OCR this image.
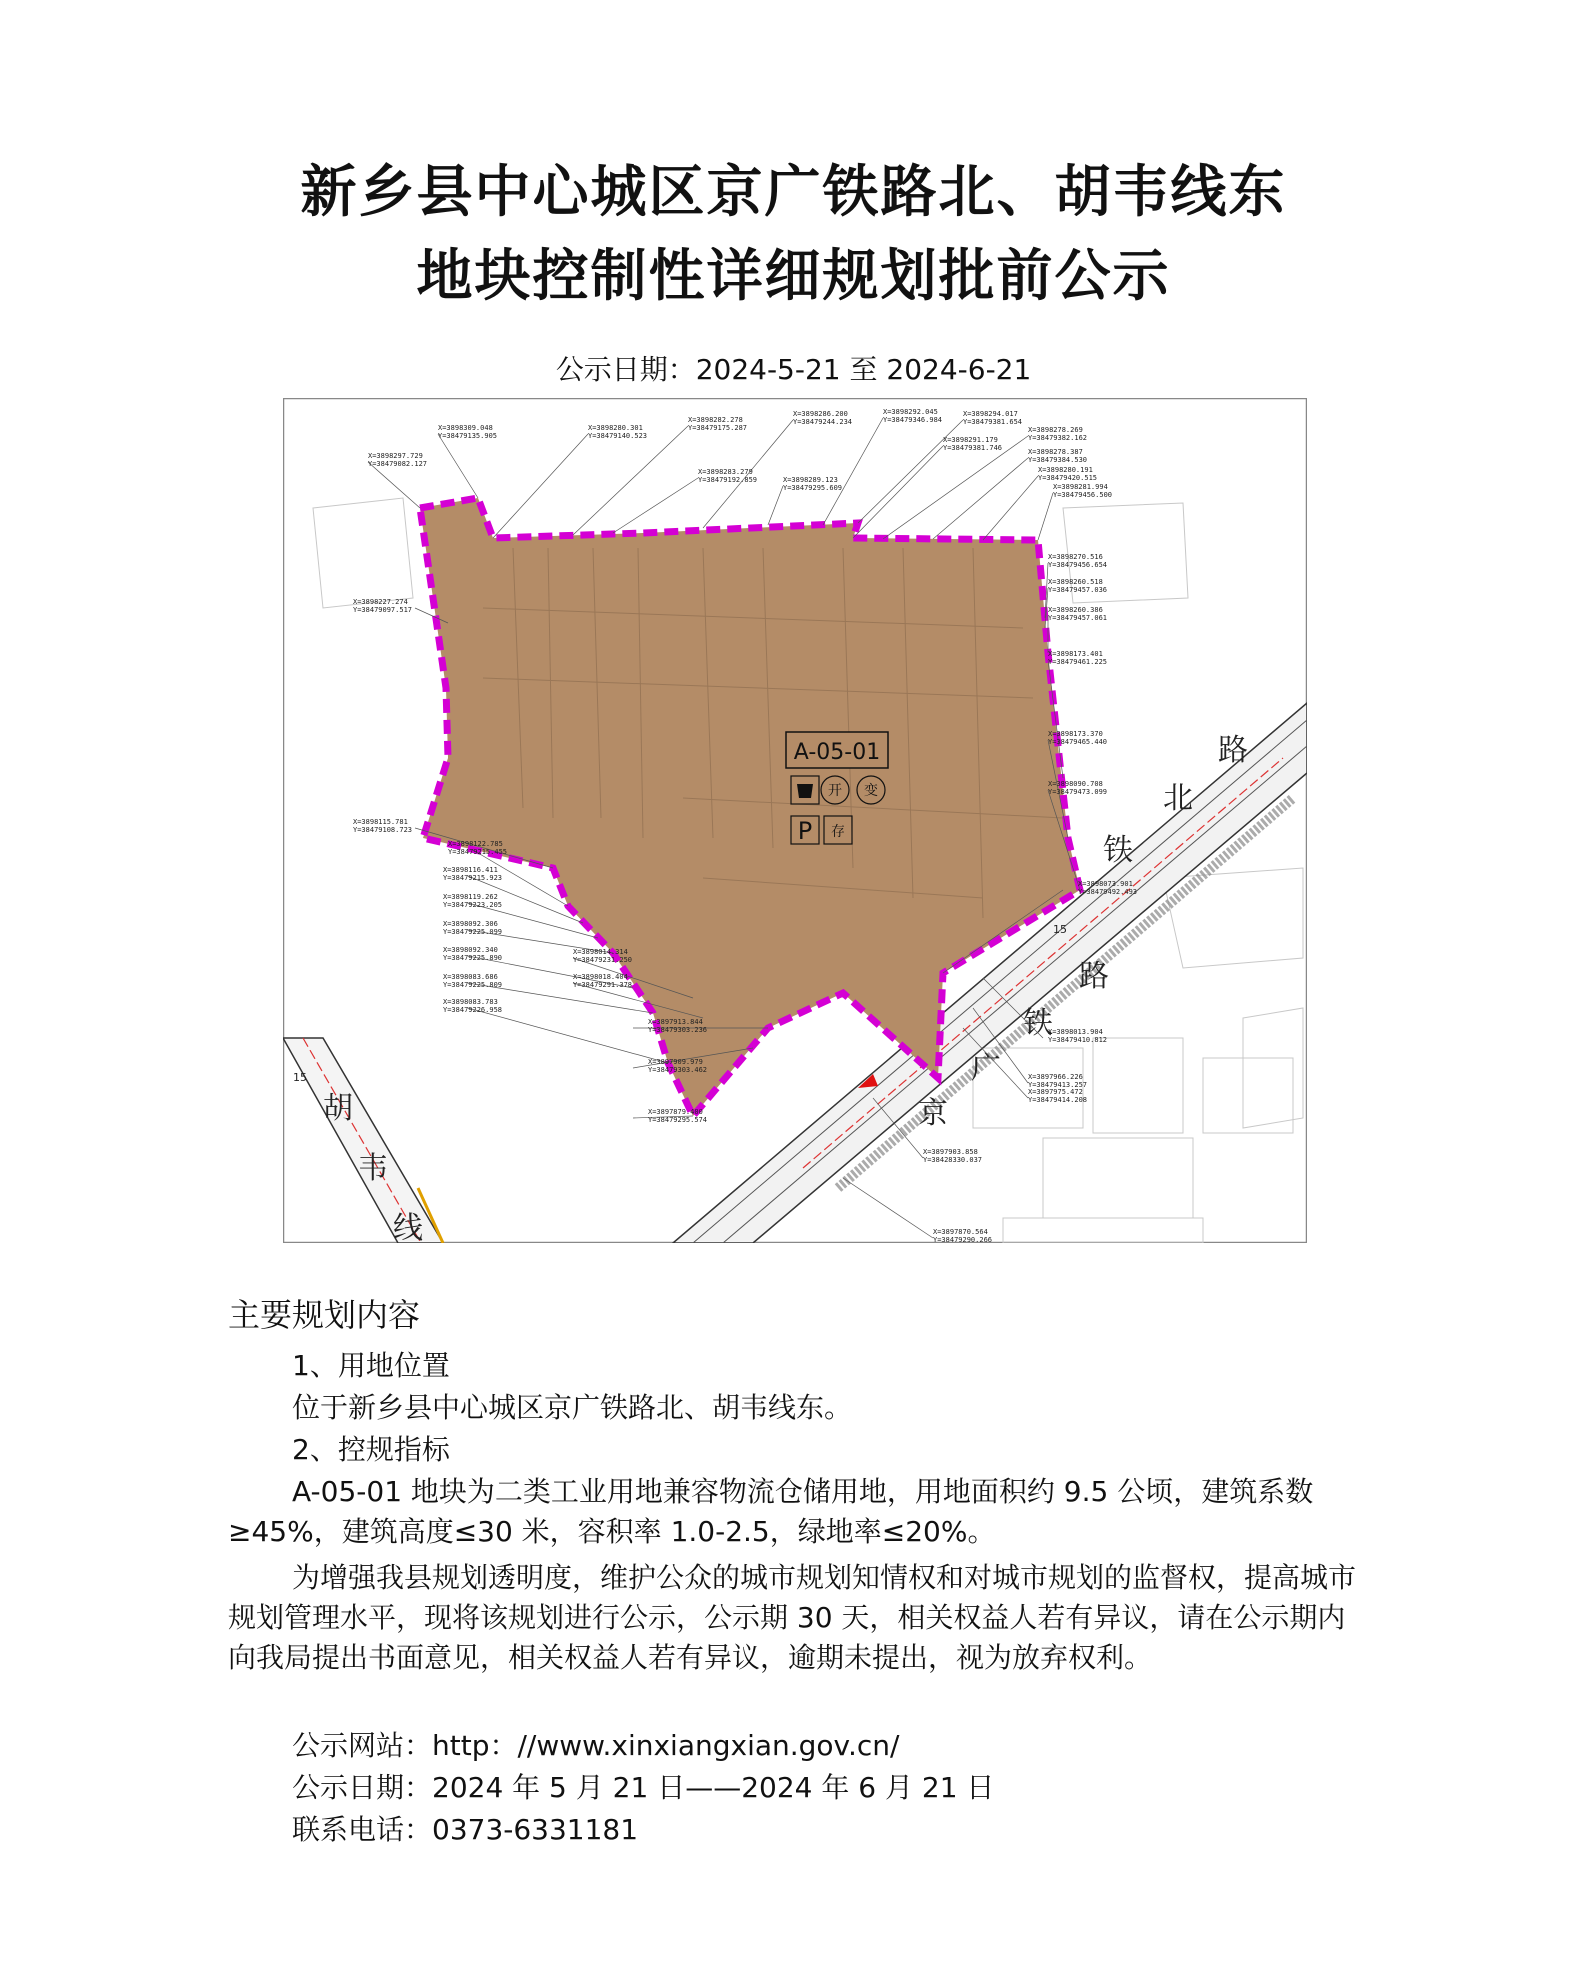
新乡县中心城区京广铁路北、胡韦线东
地块控制性详细规划批前公示
公示日期：2024-5-21 至 2024-6-21
A-05-01
开 变
P 存
铁
北
路
京
广
铁
路
胡
韦
线
15
15
X=3898309.048
Y=38479135.905
X=3898297.729
Y=38479082.127
X=3898280.301
Y=38479140.523
X=3898282.278
Y=38479175.287
X=3898283.279
Y=38479192.859
X=3898286.200
Y=38479244.234
X=3898289.123
Y=38479295.609
X=3898292.045
Y=38479346.984
X=3898294.017
Y=38479381.654
X=3898291.179
Y=38479381.746
X=3898278.269
Y=38479382.162
X=3898278.387
Y=38479384.530
X=3898280.191
Y=38479420.515
X=3898281.994
Y=38479456.500
X=3898227.274
Y=38479097.517
X=3898270.516
Y=38479456.654
X=3898260.518
Y=38479457.036
X=3898260.386
Y=38479457.061
X=3898173.401
Y=38479461.225
X=3898173.370
Y=38479465.440
X=3898090.708
Y=38479473.099
X=3898115.781
Y=38479108.723
X=3898122.785
Y=38479215.455
X=3898116.411
Y=38479215.923
X=3898119.262
Y=38479223.205
X=3898092.306
Y=38479225.099
X=3898092.340
Y=38479225.890
X=3898083.686
Y=38479225.809
X=3898083.783
Y=38479226.958
X=3898014.314
Y=38479231.250
X=3898018.404
Y=38479291.378
X=3898073.901
Y=38479492.493
X=3897913.844
Y=38479303.236
X=3897909.979
Y=38479303.462
X=3897879.400
Y=38479295.574
X=3898013.904
Y=38479410.812
X=3897966.226
Y=38479413.257
X=3897975.472
Y=38479414.208
X=3897903.858
Y=38428330.037
X=3897870.564
Y=38479290.266
主要规划内容
1、用地位置
位于新乡县中心城区京广铁路北、胡韦线东。
2、控规指标
A-05-01 地块为二类工业用地兼容物流仓储用地，用地面积约 9.5 公顷，建筑系数≥45%，建筑高度≤30 米，容积率 1.0-2.5，绿地率≤20%。
为增强我县规划透明度，维护公众的城市规划知情权和对城市规划的监督权，提高城市规划管理水平，现将该规划进行公示，公示期 30 天，相关权益人若有异议，请在公示期内向我局提出书面意见，相关权益人若有异议，逾期未提出，视为放弃权利。
公示网站：http：//www.xinxiangxian.gov.cn/
公示日期：2024 年 5 月 21 日——2024 年 6 月 21 日
联系电话：0373-6331181
